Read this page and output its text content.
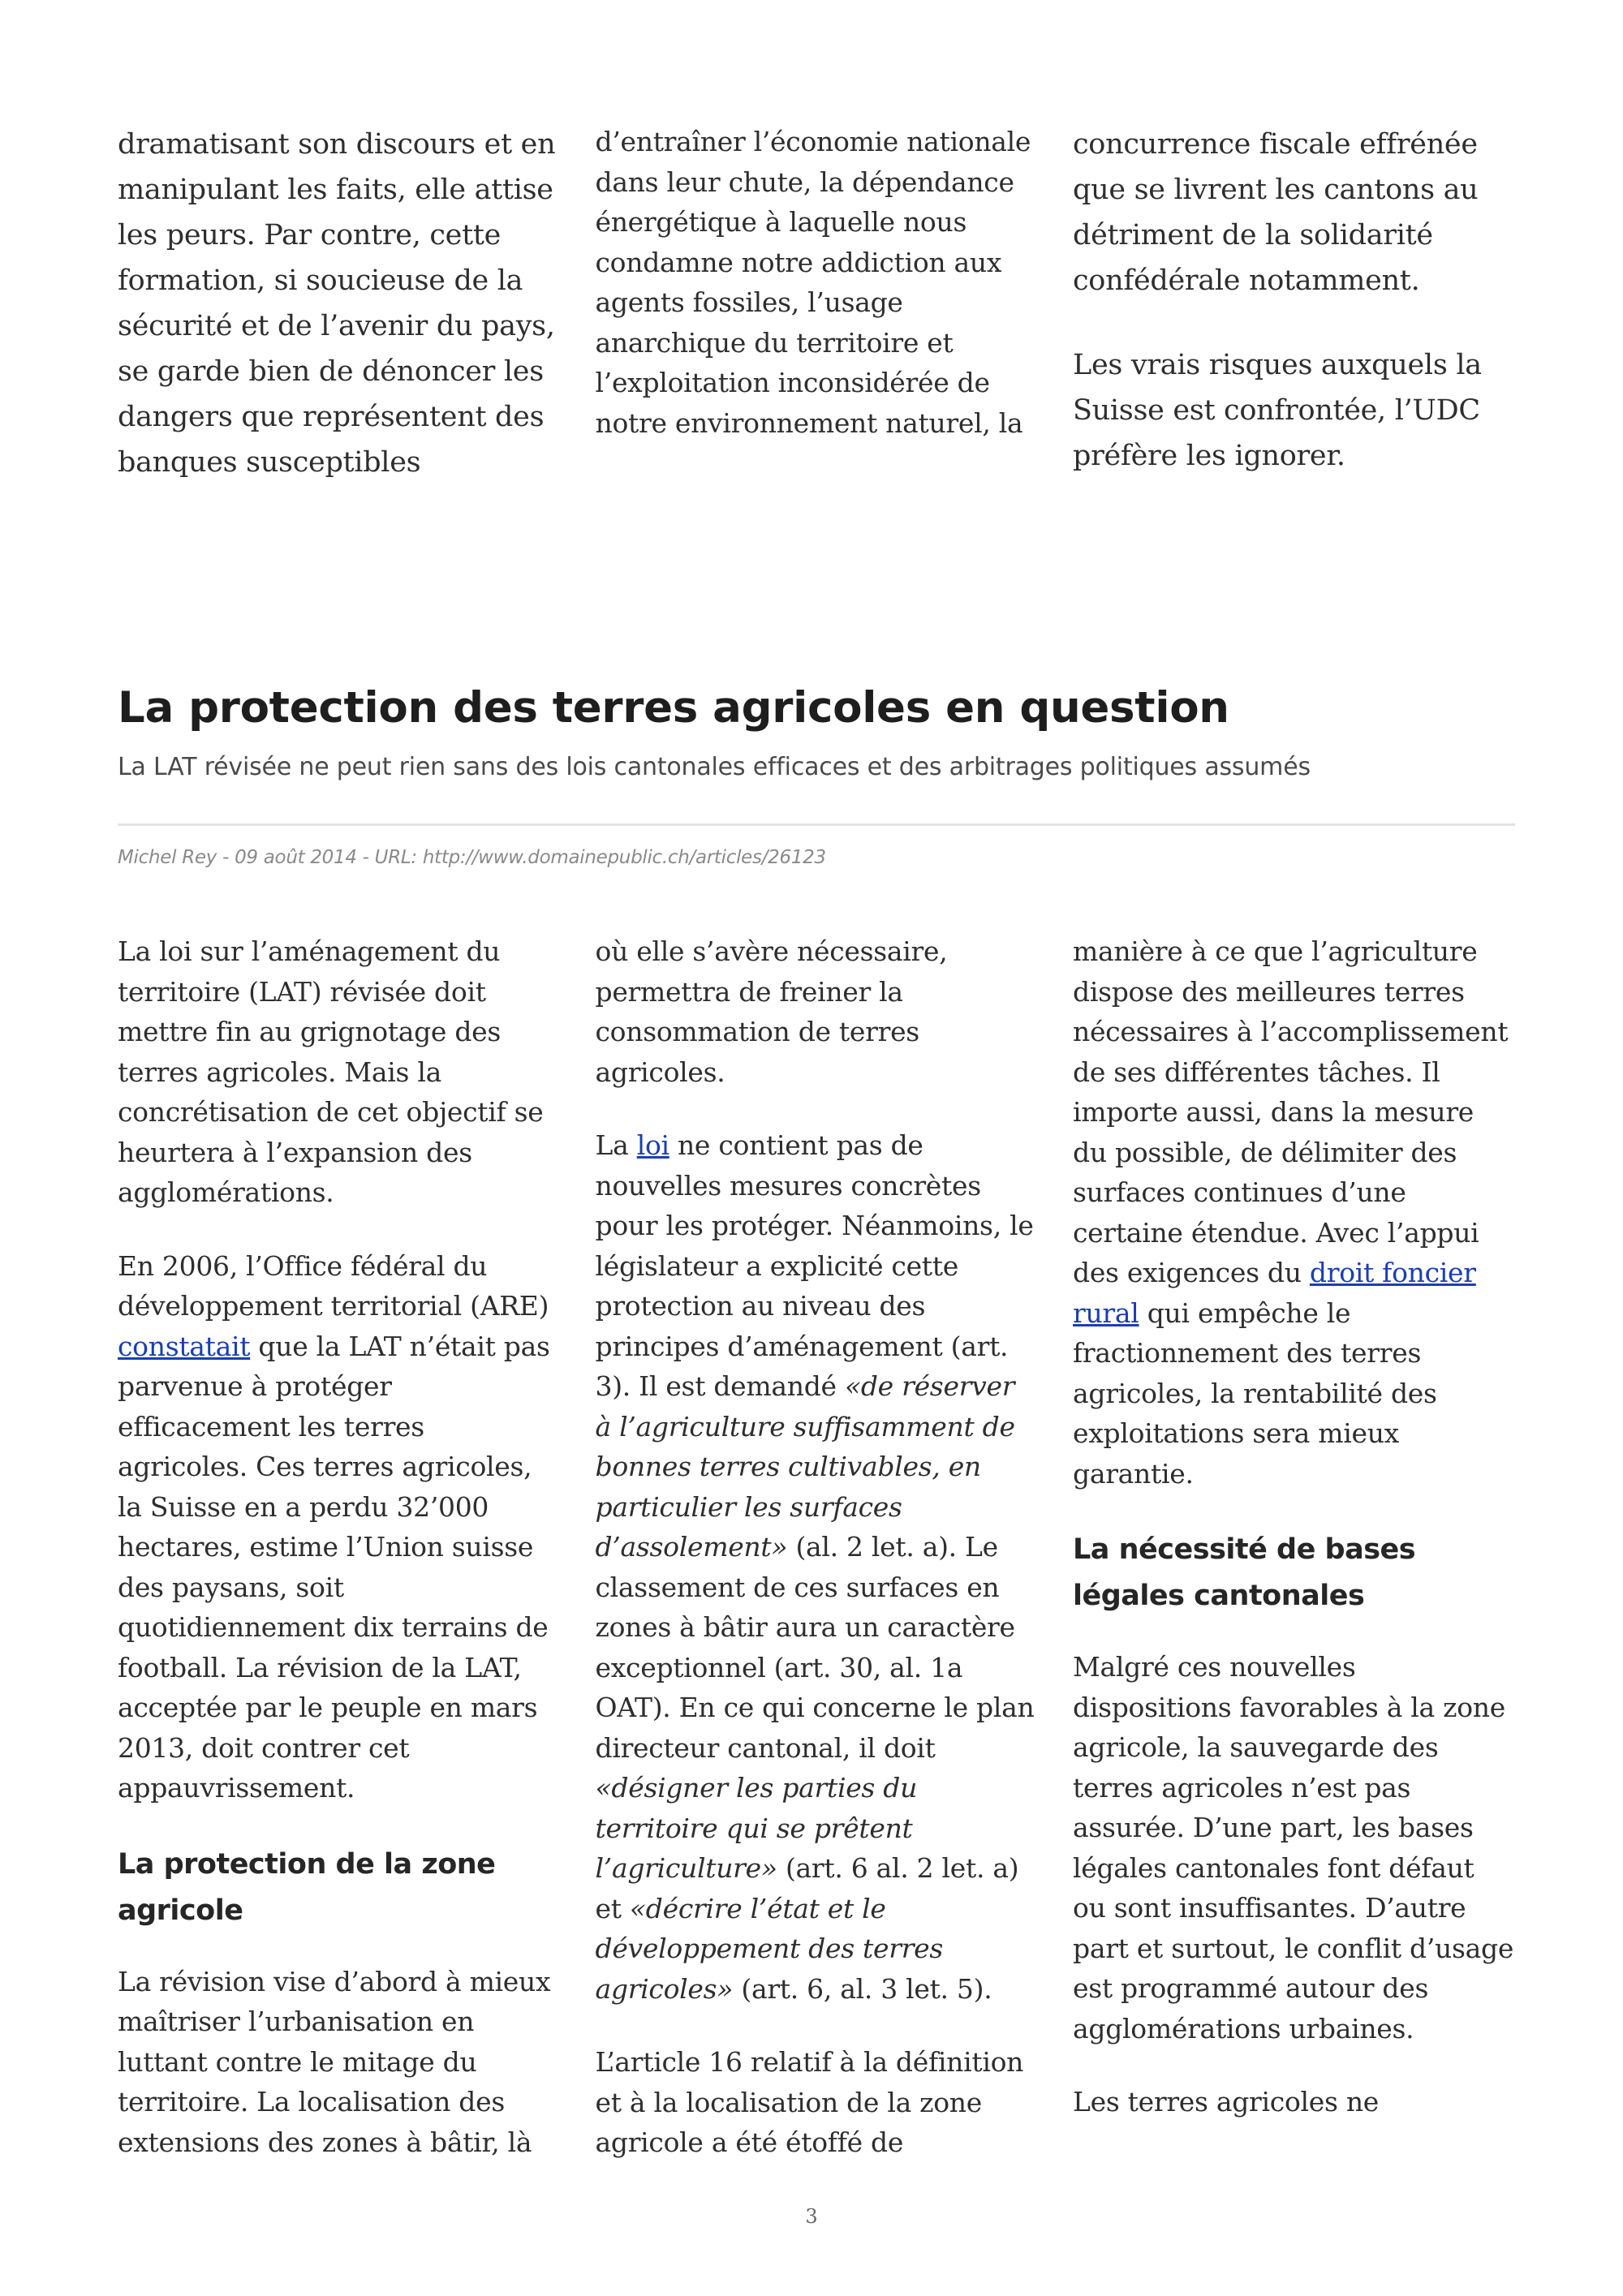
dramatisant son discours et en manipulant les faits, elle attise les peurs. Par contre, cette formation, si soucieuse de la sécurité et de l’avenir du pays, se garde bien de dénoncer les dangers que représentent des banques susceptibles

d’entraîner l’économie nationale dans leur chute, la dépendance énergétique à laquelle nous condamne notre addiction aux agents fossiles, l’usage anarchique du territoire et l’exploitation inconsidérée de notre environnement naturel, la

concurrence fiscale effrénée que se livrent les cantons au détriment de la solidarité confédérale notamment.

Les vrais risques auxquels la Suisse est confrontée, l’UDC préfère les ignorer.

La protection des terres agricoles en question
La LAT révisée ne peut rien sans des lois cantonales efficaces et des arbitrages politiques assumés
Michel Rey - 09 août 2014 - URL: http://www.domainepublic.ch/articles/26123

La loi sur l’aménagement du territoire (LAT) révisée doit mettre fin au grignotage des terres agricoles. Mais la concrétisation de cet objectif se heurtera à l’expansion des agglomérations.

En 2006, l’Office fédéral du développement territorial (ARE) constatait que la LAT n’était pas parvenue à protéger efficacement les terres agricoles. Ces terres agricoles, la Suisse en a perdu 32’000 hectares, estime l’Union suisse des paysans, soit quotidiennement dix terrains de football. La révision de la LAT, acceptée par le peuple en mars 2013, doit contrer cet appauvrissement.

La protection de la zone agricole

La révision vise d’abord à mieux maîtriser l’urbanisation en luttant contre le mitage du territoire. La localisation des extensions des zones à bâtir, là

où elle s’avère nécessaire, permettra de freiner la consommation de terres agricoles.

La loi ne contient pas de nouvelles mesures concrètes pour les protéger. Néanmoins, le législateur a explicité cette protection au niveau des principes d’aménagement (art. 3). Il est demandé «de réserver à l’agriculture suffisamment de bonnes terres cultivables, en particulier les surfaces d’assolement» (al. 2 let. a). Le classement de ces surfaces en zones à bâtir aura un caractère exceptionnel (art. 30, al. 1a OAT). En ce qui concerne le plan directeur cantonal, il doit «désigner les parties du territoire qui se prêtent l’agriculture» (art. 6 al. 2 let. a) et «décrire l’état et le développement des terres agricoles» (art. 6, al. 3 let. 5).

L’article 16 relatif à la définition et à la localisation de la zone agricole a été étoffé de

manière à ce que l’agriculture dispose des meilleures terres nécessaires à l’accomplissement de ses différentes tâches. Il importe aussi, dans la mesure du possible, de délimiter des surfaces continues d’une certaine étendue. Avec l’appui des exigences du droit foncier rural qui empêche le fractionnement des terres agricoles, la rentabilité des exploitations sera mieux garantie.

La nécessité de bases légales cantonales

Malgré ces nouvelles dispositions favorables à la zone agricole, la sauvegarde des terres agricoles n’est pas assurée. D’une part, les bases légales cantonales font défaut ou sont insuffisantes. D’autre part et surtout, le conflit d’usage est programmé autour des agglomérations urbaines.

Les terres agricoles ne

3
